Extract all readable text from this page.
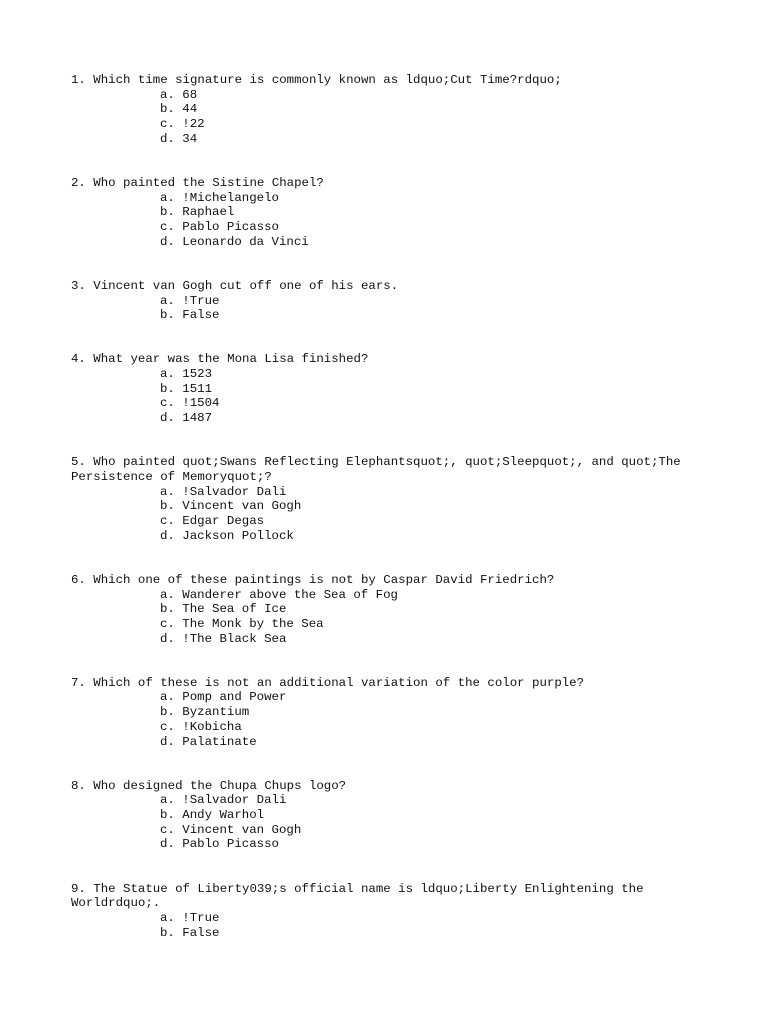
1. Which time signature is commonly known as ldquo;Cut Time?rdquo;

a. 68
b. 44
c. !22
d. 34

2. Who painted the Sistine Chapel?

a. !Michelangelo
b. Raphael
c. Pablo Picasso
d. Leonardo da Vinci

3. Vincent van Gogh cut off one of his ears.

a. !True
b. False

4. What year was the Mona Lisa finished?

a. 1523
b. 1511
c. !1504
d. 1487

5. Who painted quot;Swans Reflecting Elephantsquot;, quot;Sleepquot;, and quot;The Persistence of Memoryquot;?

a. !Salvador Dali
b. Vincent van Gogh
c. Edgar Degas
d. Jackson Pollock

6. Which one of these paintings is not by Caspar David Friedrich?

a. Wanderer above the Sea of Fog
b. The Sea of Ice
c. The Monk by the Sea
d. !The Black Sea

7. Which of these is not an additional variation of the color purple?

a. Pomp and Power
b. Byzantium
c. !Kobicha
d. Palatinate

8. Who designed the Chupa Chups logo?

a. !Salvador Dali
b. Andy Warhol
c. Vincent van Gogh
d. Pablo Picasso

9. The Statue of Liberty039;s official name is ldquo;Liberty Enlightening the Worldrdquo;.

a. !True
b. False
